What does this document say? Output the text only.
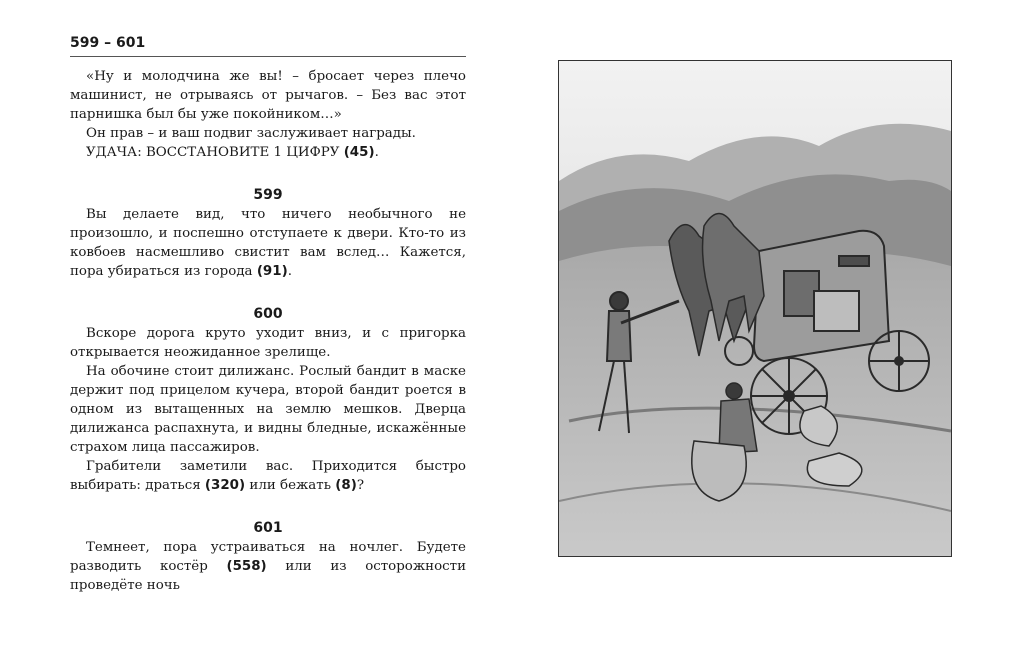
599 – 601

«Ну и молодчина же вы! – бросает через плечо машинист, не отрываясь от рычагов. – Без вас этот парнишка был бы уже покойником…»

Он прав – и ваш подвиг заслуживает награды.

УДАЧА: ВОССТАНОВИТЕ 1 ЦИФРУ (45).

599

Вы делаете вид, что ничего необычного не произошло, и поспешно отступаете к двери. Кто-то из ковбоев насмешливо свистит вам вслед… Кажется, пора убираться из города (91).

600

Вскоре дорога круто уходит вниз, и с пригорка открывается неожиданное зрелище.

На обочине стоит дилижанс. Рослый бандит в маске держит под прицелом кучера, второй бандит роется в одном из вытащенных на землю мешков. Дверца дилижанса распахнута, и видны бледные, искажённые страхом лица пассажиров.

Грабители заметили вас. Приходится быстро выбирать: драться (320) или бежать (8)?

601

Темнеет, пора устраиваться на ночлег. Будете разводить костёр (558) или из осторожности проведёте ночь
